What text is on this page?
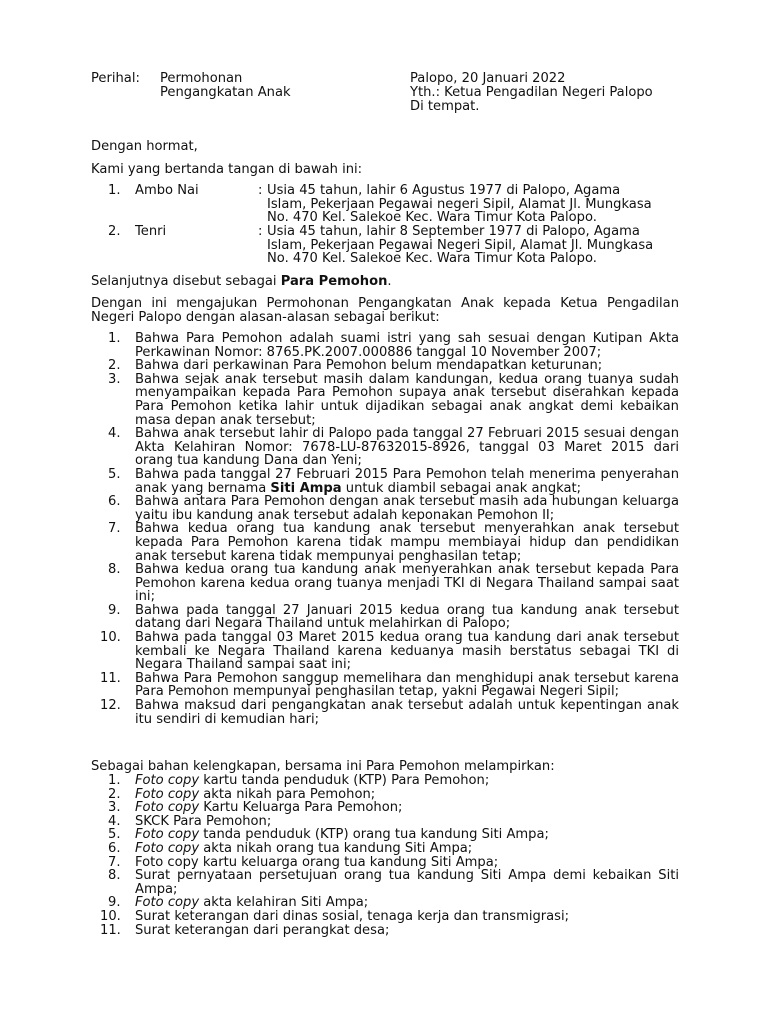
Perihal: Permohonan
Pengangkatan Anak
Palopo, 20 Januari 2022
Yth.: Ketua Pengadilan Negeri Palopo
Di tempat.
Dengan hormat,
Kami yang bertanda tangan di bawah ini:
1. Ambo Nai	: Usia 45 tahun, lahir 6 Agustus 1977 di Palopo, Agama
Islam, Pekerjaan Pegawai negeri Sipil, Alamat Jl. Mungkasa
No. 470 Kel. Salekoe Kec. Wara Timur Kota Palopo.
2. Tenri	: Usia 45 tahun, lahir 8 September 1977 di Palopo, Agama
Islam, Pekerjaan Pegawai Negeri Sipil, Alamat Jl. Mungkasa
No. 470 Kel. Salekoe Kec. Wara Timur Kota Palopo.
Selanjutnya disebut sebagai Para Pemohon.
Dengan ini mengajukan Permohonan Pengangkatan Anak kepada Ketua Pengadilan Negeri Palopo dengan alasan-alasan sebagai berikut:
1. Bahwa Para Pemohon adalah suami istri yang sah sesuai dengan Kutipan Akta Perkawinan Nomor: 8765.PK.2007.000886 tanggal 10 November 2007;
2. Bahwa dari perkawinan Para Pemohon belum mendapatkan keturunan;
3. Bahwa sejak anak tersebut masih dalam kandungan, kedua orang tuanya sudah menyampaikan kepada Para Pemohon supaya anak tersebut diserahkan kepada Para Pemohon ketika lahir untuk dijadikan sebagai anak angkat demi kebaikan masa depan anak tersebut;
4. Bahwa anak tersebut lahir di Palopo pada tanggal 27 Februari 2015 sesuai dengan Akta Kelahiran Nomor: 7678-LU-87632015-8926, tanggal 03 Maret 2015 dari orang tua kandung Dana dan Yeni;
5. Bahwa pada tanggal 27 Februari 2015 Para Pemohon telah menerima penyerahan anak yang bernama Siti Ampa untuk diambil sebagai anak angkat;
6. Bahwa antara Para Pemohon dengan anak tersebut masih ada hubungan keluarga yaitu ibu kandung anak tersebut adalah keponakan Pemohon II;
7. Bahwa kedua orang tua kandung anak tersebut menyerahkan anak tersebut kepada Para Pemohon karena tidak mampu membiayai hidup dan pendidikan anak tersebut karena tidak mempunyai penghasilan tetap;
8. Bahwa kedua orang tua kandung anak menyerahkan anak tersebut kepada Para Pemohon karena kedua orang tuanya menjadi TKI di Negara Thailand sampai saat ini;
9. Bahwa pada tanggal 27 Januari 2015 kedua orang tua kandung anak tersebut datang dari Negara Thailand untuk melahirkan di Palopo;
10. Bahwa pada tanggal 03 Maret 2015 kedua orang tua kandung dari anak tersebut kembali ke Negara Thailand karena keduanya masih berstatus sebagai TKI di Negara Thailand sampai saat ini;
11. Bahwa Para Pemohon sanggup memelihara dan menghidupi anak tersebut karena Para Pemohon mempunyai penghasilan tetap, yakni Pegawai Negeri Sipil;
12. Bahwa maksud dari pengangkatan anak tersebut adalah untuk kepentingan anak itu sendiri di kemudian hari;
Sebagai bahan kelengkapan, bersama ini Para Pemohon melampirkan:
1. Foto copy kartu tanda penduduk (KTP) Para Pemohon;
2. Foto copy akta nikah para Pemohon;
3. Foto copy Kartu Keluarga Para Pemohon;
4. SKCK Para Pemohon;
5. Foto copy tanda penduduk (KTP) orang tua kandung Siti Ampa;
6. Foto copy akta nikah orang tua kandung Siti Ampa;
7. Foto copy kartu keluarga orang tua kandung Siti Ampa;
8. Surat pernyataan persetujuan orang tua kandung Siti Ampa demi kebaikan Siti Ampa;
9. Foto copy akta kelahiran Siti Ampa;
10. Surat keterangan dari dinas sosial, tenaga kerja dan transmigrasi;
11. Surat keterangan dari perangkat desa;
